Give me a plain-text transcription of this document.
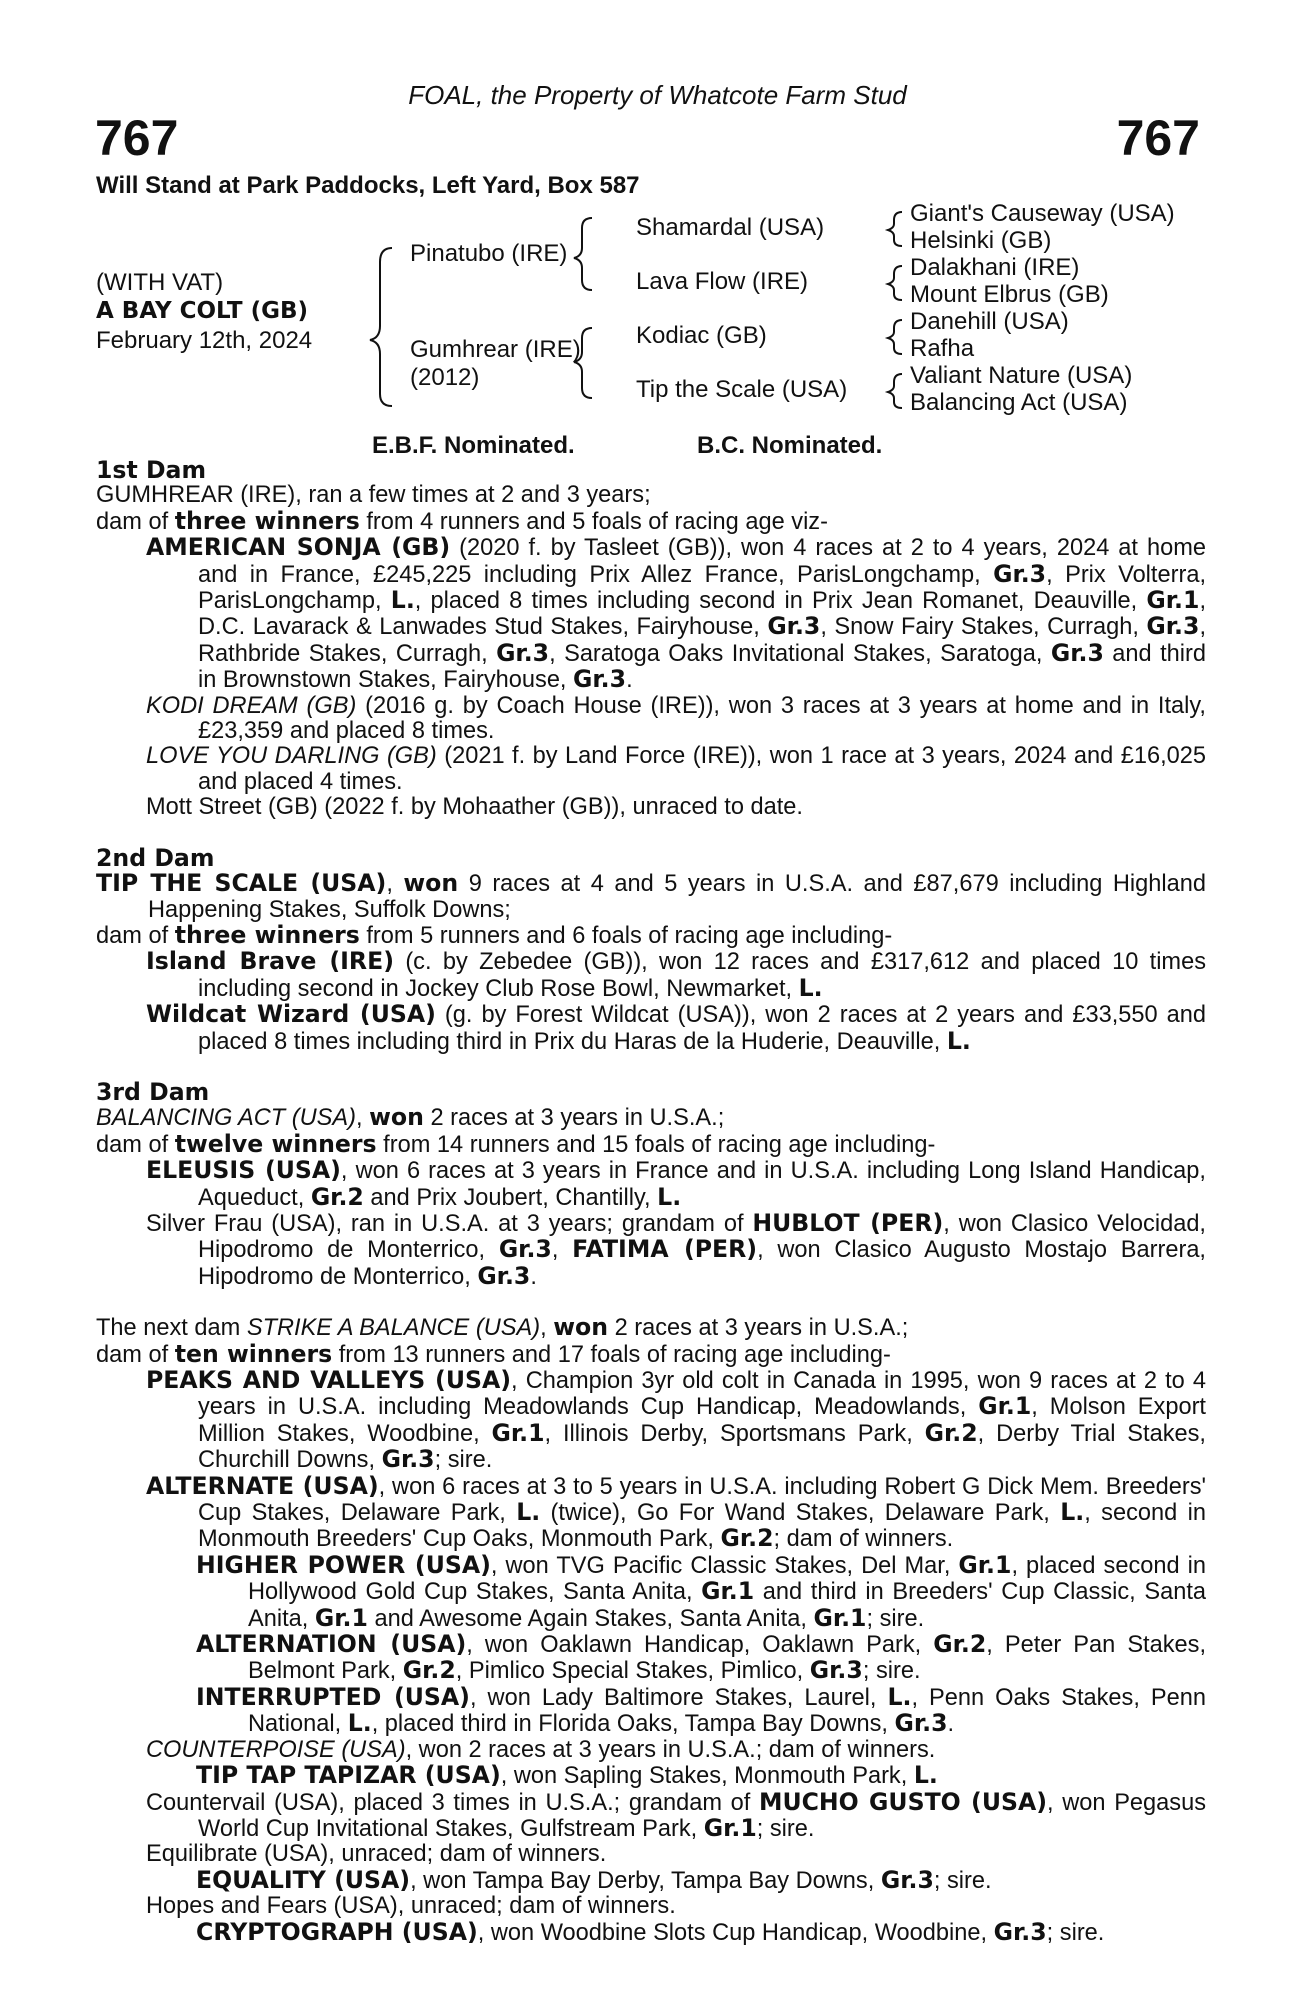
FOAL, the Property of Whatcote Farm Stud
767	767
Will Stand at Park Paddocks, Left Yard, Box 587
(WITH VAT)
A BAY COLT (GB)
February 12th, 2024
Pinatubo (IRE)
Gumhrear (IRE)
(2012)
Shamardal (USA)
Lava Flow (IRE)
Kodiac (GB)
Tip the Scale (USA)
Giant's Causeway (USA)
Helsinki (GB)
Dalakhani (IRE)
Mount Elbrus (GB)
Danehill (USA)
Rafha
Valiant Nature (USA)
Balancing Act (USA)
E.B.F. Nominated.	B.C. Nominated.

1st Dam

GUMHREAR (IRE), ran a few times at 2 and 3 years;

dam of three winners from 4 runners and 5 foals of racing age viz-

AMERICAN SONJA (GB) (2020 f. by Tasleet (GB)), won 4 races at 2 to 4 years, 2024 at home and in France, £245,225 including Prix Allez France, ParisLongchamp, Gr.3, Prix Volterra, ParisLongchamp, L., placed 8 times including second in Prix Jean Romanet, Deauville, Gr.1, D.C. Lavarack & Lanwades Stud Stakes, Fairyhouse, Gr.3, Snow Fairy Stakes, Curragh, Gr.3, Rathbride Stakes, Curragh, Gr.3, Saratoga Oaks Invitational Stakes, Saratoga, Gr.3 and third in Brownstown Stakes, Fairyhouse, Gr.3.

KODI DREAM (GB) (2016 g. by Coach House (IRE)), won 3 races at 3 years at home and in Italy, £23,359 and placed 8 times.

LOVE YOU DARLING (GB) (2021 f. by Land Force (IRE)), won 1 race at 3 years, 2024 and £16,025 and placed 4 times.

Mott Street (GB) (2022 f. by Mohaather (GB)), unraced to date.

2nd Dam

TIP THE SCALE (USA), won 9 races at 4 and 5 years in U.S.A. and £87,679 including Highland Happening Stakes, Suffolk Downs;

dam of three winners from 5 runners and 6 foals of racing age including-

Island Brave (IRE) (c. by Zebedee (GB)), won 12 races and £317,612 and placed 10 times including second in Jockey Club Rose Bowl, Newmarket, L.

Wildcat Wizard (USA) (g. by Forest Wildcat (USA)), won 2 races at 2 years and £33,550 and placed 8 times including third in Prix du Haras de la Huderie, Deauville, L.

3rd Dam

BALANCING ACT (USA), won 2 races at 3 years in U.S.A.;

dam of twelve winners from 14 runners and 15 foals of racing age including-

ELEUSIS (USA), won 6 races at 3 years in France and in U.S.A. including Long Island Handicap, Aqueduct, Gr.2 and Prix Joubert, Chantilly, L.

Silver Frau (USA), ran in U.S.A. at 3 years; grandam of HUBLOT (PER), won Clasico Velocidad, Hipodromo de Monterrico, Gr.3, FATIMA (PER), won Clasico Augusto Mostajo Barrera, Hipodromo de Monterrico, Gr.3.

The next dam STRIKE A BALANCE (USA), won 2 races at 3 years in U.S.A.;

dam of ten winners from 13 runners and 17 foals of racing age including-

PEAKS AND VALLEYS (USA), Champion 3yr old colt in Canada in 1995, won 9 races at 2 to 4 years in U.S.A. including Meadowlands Cup Handicap, Meadowlands, Gr.1, Molson Export Million Stakes, Woodbine, Gr.1, Illinois Derby, Sportsmans Park, Gr.2, Derby Trial Stakes, Churchill Downs, Gr.3; sire.

ALTERNATE (USA), won 6 races at 3 to 5 years in U.S.A. including Robert G Dick Mem. Breeders' Cup Stakes, Delaware Park, L. (twice), Go For Wand Stakes, Delaware Park, L., second in Monmouth Breeders' Cup Oaks, Monmouth Park, Gr.2; dam of winners.

HIGHER POWER (USA), won TVG Pacific Classic Stakes, Del Mar, Gr.1, placed second in Hollywood Gold Cup Stakes, Santa Anita, Gr.1 and third in Breeders' Cup Classic, Santa Anita, Gr.1 and Awesome Again Stakes, Santa Anita, Gr.1; sire.

ALTERNATION (USA), won Oaklawn Handicap, Oaklawn Park, Gr.2, Peter Pan Stakes, Belmont Park, Gr.2, Pimlico Special Stakes, Pimlico, Gr.3; sire.

INTERRUPTED (USA), won Lady Baltimore Stakes, Laurel, L., Penn Oaks Stakes, Penn National, L., placed third in Florida Oaks, Tampa Bay Downs, Gr.3.

COUNTERPOISE (USA), won 2 races at 3 years in U.S.A.; dam of winners.

TIP TAP TAPIZAR (USA), won Sapling Stakes, Monmouth Park, L.

Countervail (USA), placed 3 times in U.S.A.; grandam of MUCHO GUSTO (USA), won Pegasus World Cup Invitational Stakes, Gulfstream Park, Gr.1; sire.

Equilibrate (USA), unraced; dam of winners.

EQUALITY (USA), won Tampa Bay Derby, Tampa Bay Downs, Gr.3; sire.

Hopes and Fears (USA), unraced; dam of winners.

CRYPTOGRAPH (USA), won Woodbine Slots Cup Handicap, Woodbine, Gr.3; sire.
